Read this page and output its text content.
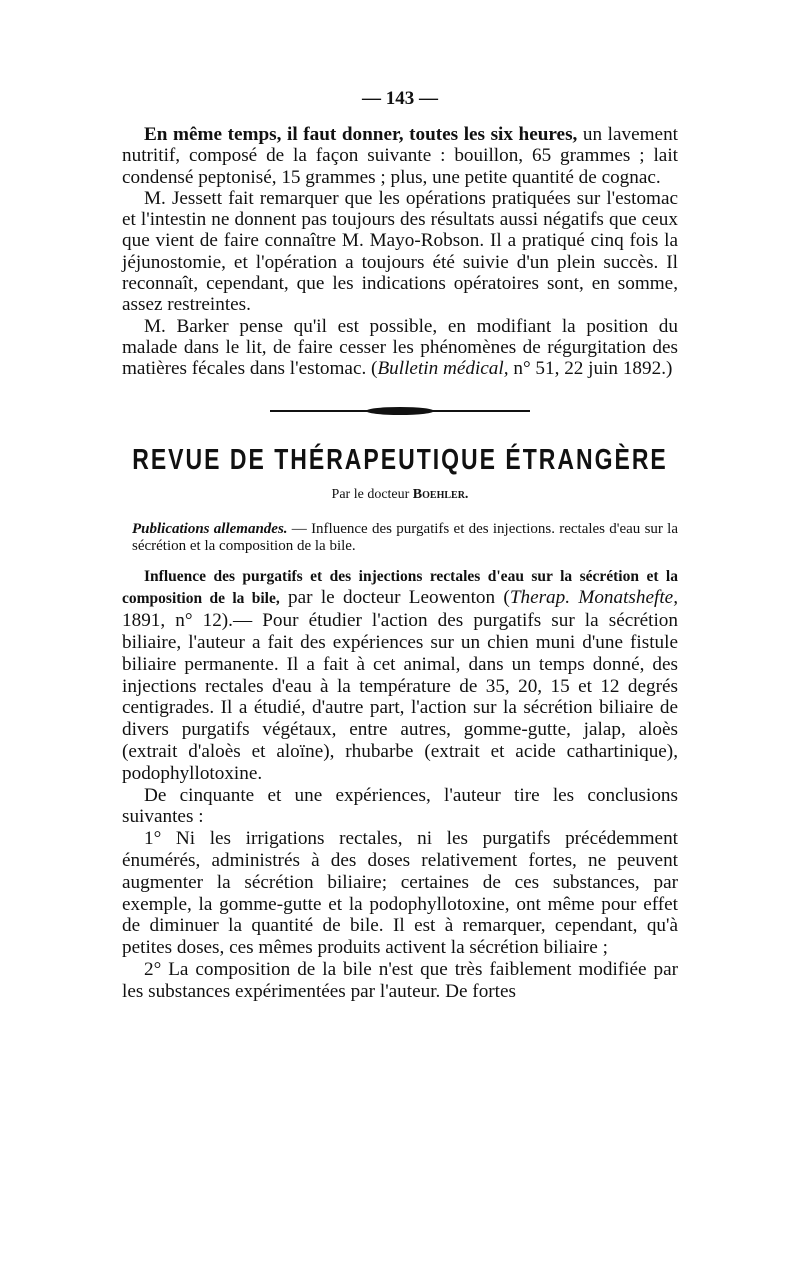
— 143 —

En même temps, il faut donner, toutes les six heures, un lavement nutritif, composé de la façon suivante : bouillon, 65 grammes ; lait condensé peptonisé, 15 grammes ; plus, une petite quantité de cognac.

M. Jessett fait remarquer que les opérations pratiquées sur l'estomac et l'intestin ne donnent pas toujours des résultats aussi négatifs que ceux que vient de faire connaître M. Mayo-Robson. Il a pratiqué cinq fois la jéjunostomie, et l'opération a toujours été suivie d'un plein succès. Il reconnaît, cependant, que les indications opératoires sont, en somme, assez restreintes.

M. Barker pense qu'il est possible, en modifiant la position du malade dans le lit, de faire cesser les phénomènes de régurgitation des matières fécales dans l'estomac. (Bulletin médical, n° 51, 22 juin 1892.)

REVUE DE THÉRAPEUTIQUE ÉTRANGÈRE
Par le docteur Boehler.
Publications allemandes. — Influence des purgatifs et des injections. rectales d'eau sur la sécrétion et la composition de la bile.

Influence des purgatifs et des injections rectales d'eau sur la sécrétion et la composition de la bile, par le docteur Leowenton (Therap. Monatshefte, 1891, n° 12).— Pour étudier l'action des purgatifs sur la sécrétion biliaire, l'auteur a fait des expériences sur un chien muni d'une fistule biliaire permanente. Il a fait à cet animal, dans un temps donné, des injections rectales d'eau à la température de 35, 20, 15 et 12 degrés centigrades. Il a étudié, d'autre part, l'action sur la sécrétion biliaire de divers purgatifs végétaux, entre autres, gomme-gutte, jalap, aloès (extrait d'aloès et aloïne), rhubarbe (extrait et acide cathartinique), podophyllotoxine.

De cinquante et une expériences, l'auteur tire les conclusions suivantes :

1° Ni les irrigations rectales, ni les purgatifs précédemment énumérés, administrés à des doses relativement fortes, ne peuvent augmenter la sécrétion biliaire; certaines de ces substances, par exemple, la gomme-gutte et la podophyllotoxine, ont même pour effet de diminuer la quantité de bile. Il est à remarquer, cependant, qu'à petites doses, ces mêmes produits activent la sécrétion biliaire ;

2° La composition de la bile n'est que très faiblement modifiée par les substances expérimentées par l'auteur. De fortes
